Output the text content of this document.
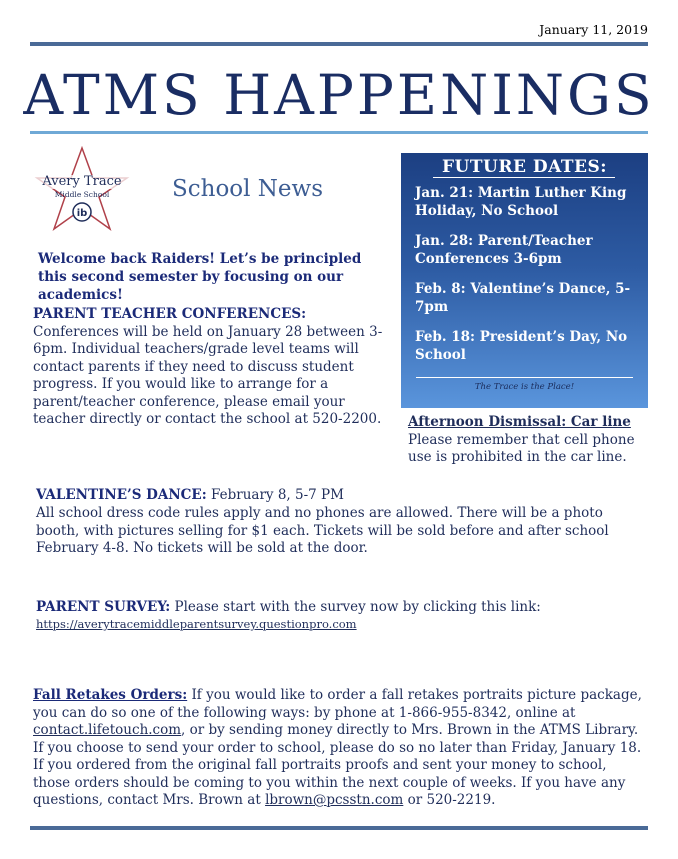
January 11, 2019
ATMS HAPPENINGS
ib
Avery Trace
Middle School	School News
Welcome back Raiders! Let’s be principled this second semester by focusing on our academics!
PARENT TEACHER CONFERENCES: Conferences will be held on January 28 between 3-6pm. Individual teachers/grade level teams will contact parents if they need to discuss student progress. If you would like to arrange for a parent/teacher conference, please email your teacher directly or contact the school at 520-2200.
FUTURE DATES:
Jan. 21: Martin Luther King Holiday, No School
Jan. 28: Parent/Teacher Conferences 3-6pm
Feb. 8: Valentine’s Dance, 5-7pm
Feb. 18: President’s Day, No School
The Trace is the Place!
Afternoon Dismissal: Car line
Please remember that cell phone use is prohibited in the car line.
VALENTINE’S DANCE: February 8, 5-7 PM
All school dress code rules apply and no phones are allowed. There will be a photo booth, with pictures selling for $1 each. Tickets will be sold before and after school February 4-8. No tickets will be sold at the door.
PARENT SURVEY: Please start with the survey now by clicking this link:
https://averytracemiddleparentsurvey.questionpro.com
Fall Retakes Orders: If you would like to order a fall retakes portraits picture package, you can do so one of the following ways: by phone at 1-866-955-8342, online at contact.lifetouch.com, or by sending money directly to Mrs. Brown in the ATMS Library. If you choose to send your order to school, please do so no later than Friday, January 18. If you ordered from the original fall portraits proofs and sent your money to school, those orders should be coming to you within the next couple of weeks. If you have any questions, contact Mrs. Brown at lbrown@pcsstn.com or 520-2219.
